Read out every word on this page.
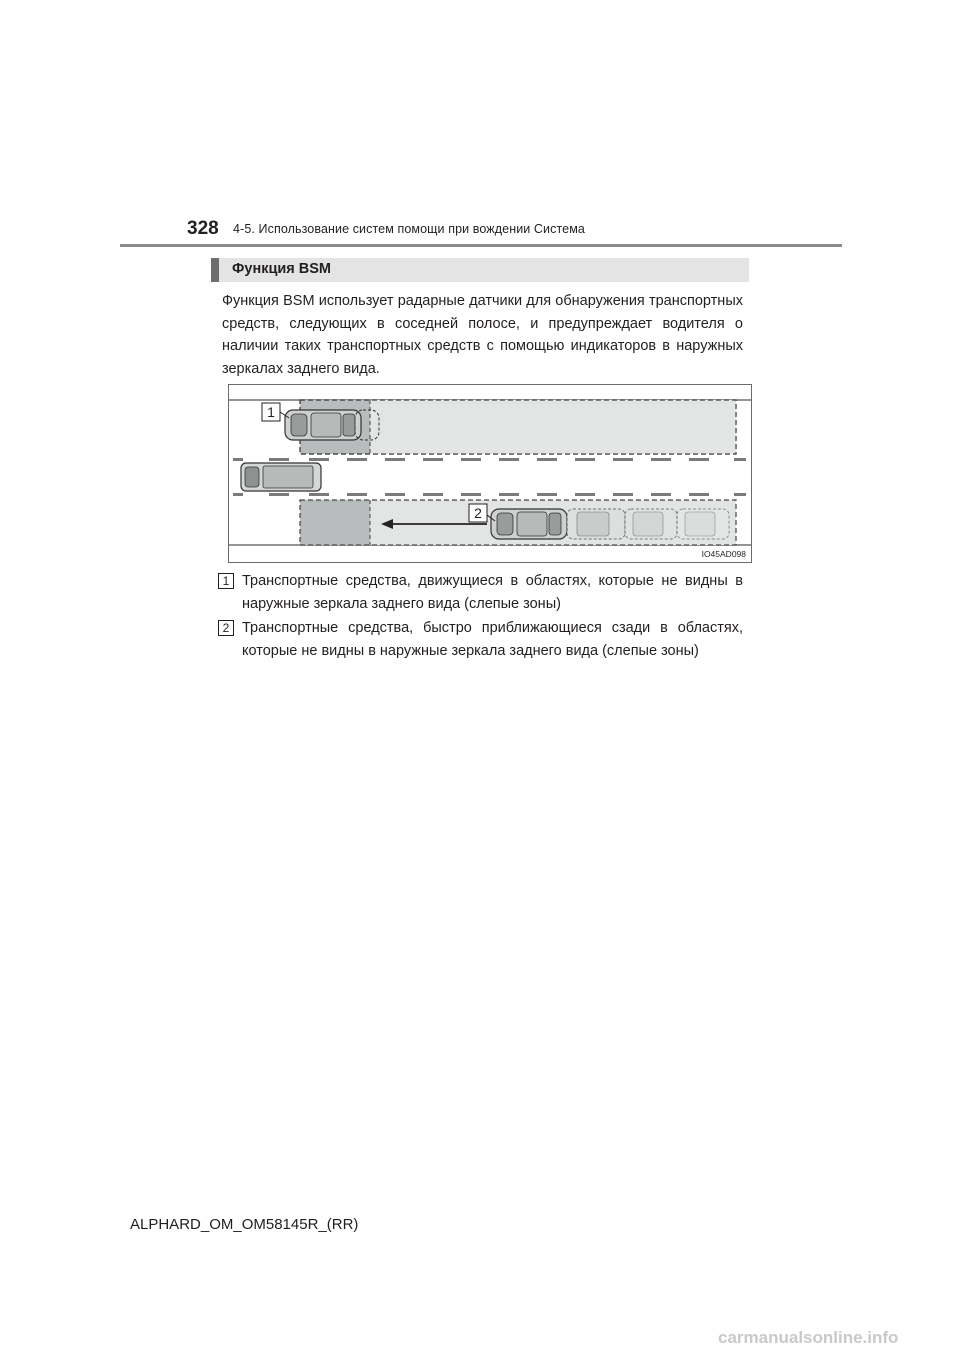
328 4-5. Использование систем помощи при вождении Система
Функция BSM
Функция BSM использует радарные датчики для обнаружения транспортных средств, следующих в соседней полосе, и предупреждает водителя о наличии таких транспортных средств с помощью индикаторов в наружных зеркалах заднего вида.
1
2
IO45AD098
1 Транспортные средства, движущиеся в областях, которые не видны в наружные зеркала заднего вида (слепые зоны)
2 Транспортные средства, быстро приближающиеся сзади в областях, которые не видны в наружные зеркала заднего вида (слепые зоны)
ALPHARD_OM_OM58145R_(RR)
carmanualsonline.info
